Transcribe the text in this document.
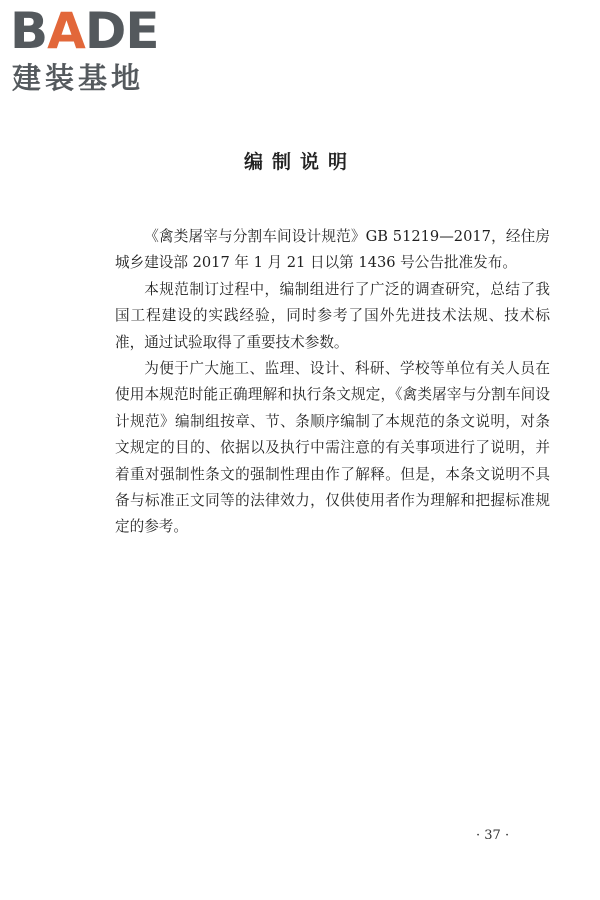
BADE
建装基地
编制说明

《禽类屠宰与分割车间设计规范》GB 51219—2017，经住房城乡建设部 2017 年 1 月 21 日以第 1436 号公告批准发布。

本规范制订过程中，编制组进行了广泛的调查研究，总结了我国工程建设的实践经验，同时参考了国外先进技术法规、技术标准，通过试验取得了重要技术参数。

为便于广大施工、监理、设计、科研、学校等单位有关人员在使用本规范时能正确理解和执行条文规定，《禽类屠宰与分割车间设计规范》编制组按章、节、条顺序编制了本规范的条文说明，对条文规定的目的、依据以及执行中需注意的有关事项进行了说明，并着重对强制性条文的强制性理由作了解释。但是，本条文说明不具备与标准正文同等的法律效力，仅供使用者作为理解和把握标准规定的参考。

· 37 ·
